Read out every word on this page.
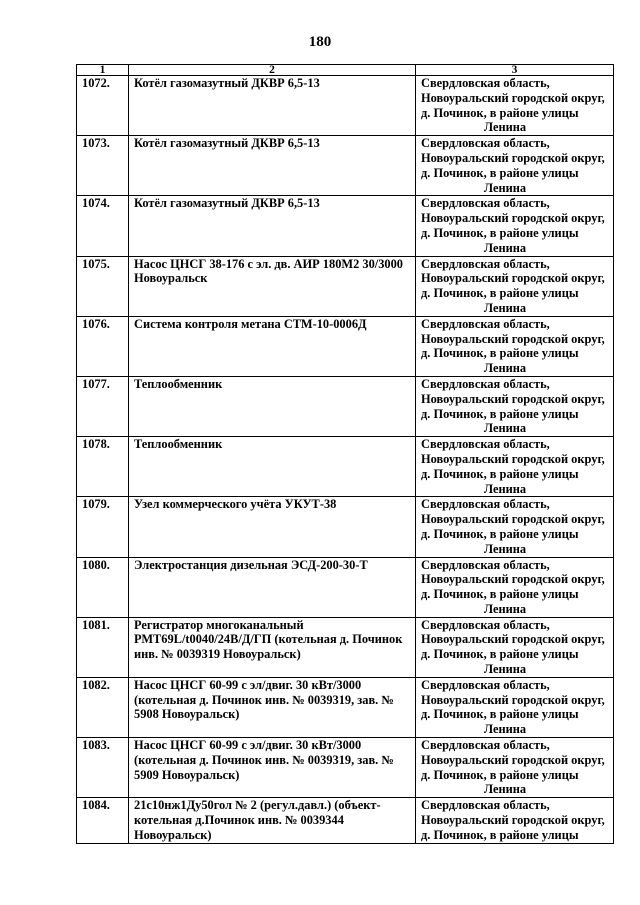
180
1	2	3
1072.	Котёл газомазутный ДКВР 6,5-13	Свердловская область,
Новоуральский городской округ,
д. Починок, в районе улицы
Ленина

1073.	Котёл газомазутный ДКВР 6,5-13	Свердловская область,
Новоуральский городской округ,
д. Починок, в районе улицы
Ленина

1074.	Котёл газомазутный ДКВР 6,5-13	Свердловская область,
Новоуральский городской округ,
д. Починок, в районе улицы
Ленина

1075.	Насос ЦНСГ 38-176 с эл. дв. АИР 180М2 30/3000 Новоуральск	Свердловская область,
Новоуральский городской округ,
д. Починок, в районе улицы
Ленина

1076.	Система контроля метана СТМ-10-0006Д	Свердловская область,
Новоуральский городской округ,
д. Починок, в районе улицы
Ленина

1077.	Теплообменник	Свердловская область,
Новоуральский городской округ,
д. Починок, в районе улицы
Ленина

1078.	Теплообменник	Свердловская область,
Новоуральский городской округ,
д. Починок, в районе улицы
Ленина

1079.	Узел коммерческого учёта УКУТ-38	Свердловская область,
Новоуральский городской округ,
д. Починок, в районе улицы
Ленина

1080.	Электростанция дизельная ЭСД-200-30-Т	Свердловская область,
Новоуральский городской округ,
д. Починок, в районе улицы
Ленина

1081.	Регистратор многоканальный РМТ69L/t0040/24В/Д/ГП (котельная д. Починок инв. № 0039319 Новоуральск)	Свердловская область,
Новоуральский городской округ,
д. Починок, в районе улицы
Ленина

1082.	Насос ЦНСГ 60-99 с эл/двиг. 30 кВт/3000 (котельная д. Починок инв. № 0039319, зав. № 5908 Новоуральск)	Свердловская область,
Новоуральский городской округ,
д. Починок, в районе улицы
Ленина

1083.	Насос ЦНСГ 60-99 с эл/двиг. 30 кВт/3000 (котельная д. Починок инв. № 0039319, зав. № 5909 Новоуральск)	Свердловская область,
Новоуральский городской округ,
д. Починок, в районе улицы
Ленина

1084.	21с10нж1Ду50гол № 2 (регул.давл.) (объект-котельная д.Починок инв. № 0039344 Новоуральск)	Свердловская область,
Новоуральский городской округ,
д. Починок, в районе улицы
